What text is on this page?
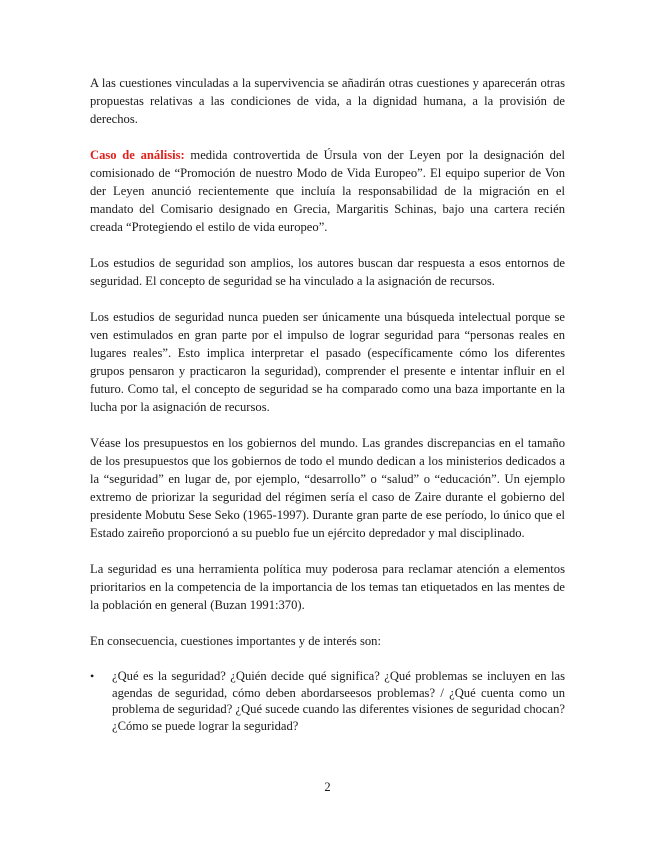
A las cuestiones vinculadas a la supervivencia se añadirán otras cuestiones y aparecerán otras propuestas relativas a las condiciones de vida, a la dignidad humana, a la provisión de derechos.

Caso de análisis: medida controvertida de Úrsula von der Leyen por la designación del comisionado de “Promoción de nuestro Modo de Vida Europeo”. El equipo superior de Von der Leyen anunció recientemente que incluía la responsabilidad de la migración en el mandato del Comisario designado en Grecia, Margaritis Schinas, bajo una cartera recién creada “Protegiendo el estilo de vida europeo”.

Los estudios de seguridad son amplios, los autores buscan dar respuesta a esos entornos de seguridad. El concepto de seguridad se ha vinculado a la asignación de recursos.

Los estudios de seguridad nunca pueden ser únicamente una búsqueda intelectual porque se ven estimulados en gran parte por el impulso de lograr seguridad para “personas reales en lugares reales”. Esto implica interpretar el pasado (específicamente cómo los diferentes grupos pensaron y practicaron la seguridad), comprender el presente e intentar influir en el futuro. Como tal, el concepto de seguridad se ha comparado como una baza importante en la lucha por la asignación de recursos.

Véase los presupuestos en los gobiernos del mundo. Las grandes discrepancias en el tamaño de los presupuestos que los gobiernos de todo el mundo dedican a los ministerios dedicados a la “seguridad” en lugar de, por ejemplo, “desarrollo” o “salud” o “educación”. Un ejemplo extremo de priorizar la seguridad del régimen sería el caso de Zaire durante el gobierno del presidente Mobutu Sese Seko (1965-1997). Durante gran parte de ese período, lo único que el Estado zaireño proporcionó a su pueblo fue un ejército depredador y mal disciplinado.

La seguridad es una herramienta política muy poderosa para reclamar atención a elementos prioritarios en la competencia de la importancia de los temas tan etiquetados en las mentes de la población en general (Buzan 1991:370).

En consecuencia, cuestiones importantes y de interés son:

• ¿Qué es la seguridad? ¿Quién decide qué significa? ¿Qué problemas se incluyen en las agendas de seguridad, cómo deben abordarseesos problemas? / ¿Qué cuenta como un problema de seguridad? ¿Qué sucede cuando las diferentes visiones de seguridad chocan? ¿Cómo se puede lograr la seguridad?
2
